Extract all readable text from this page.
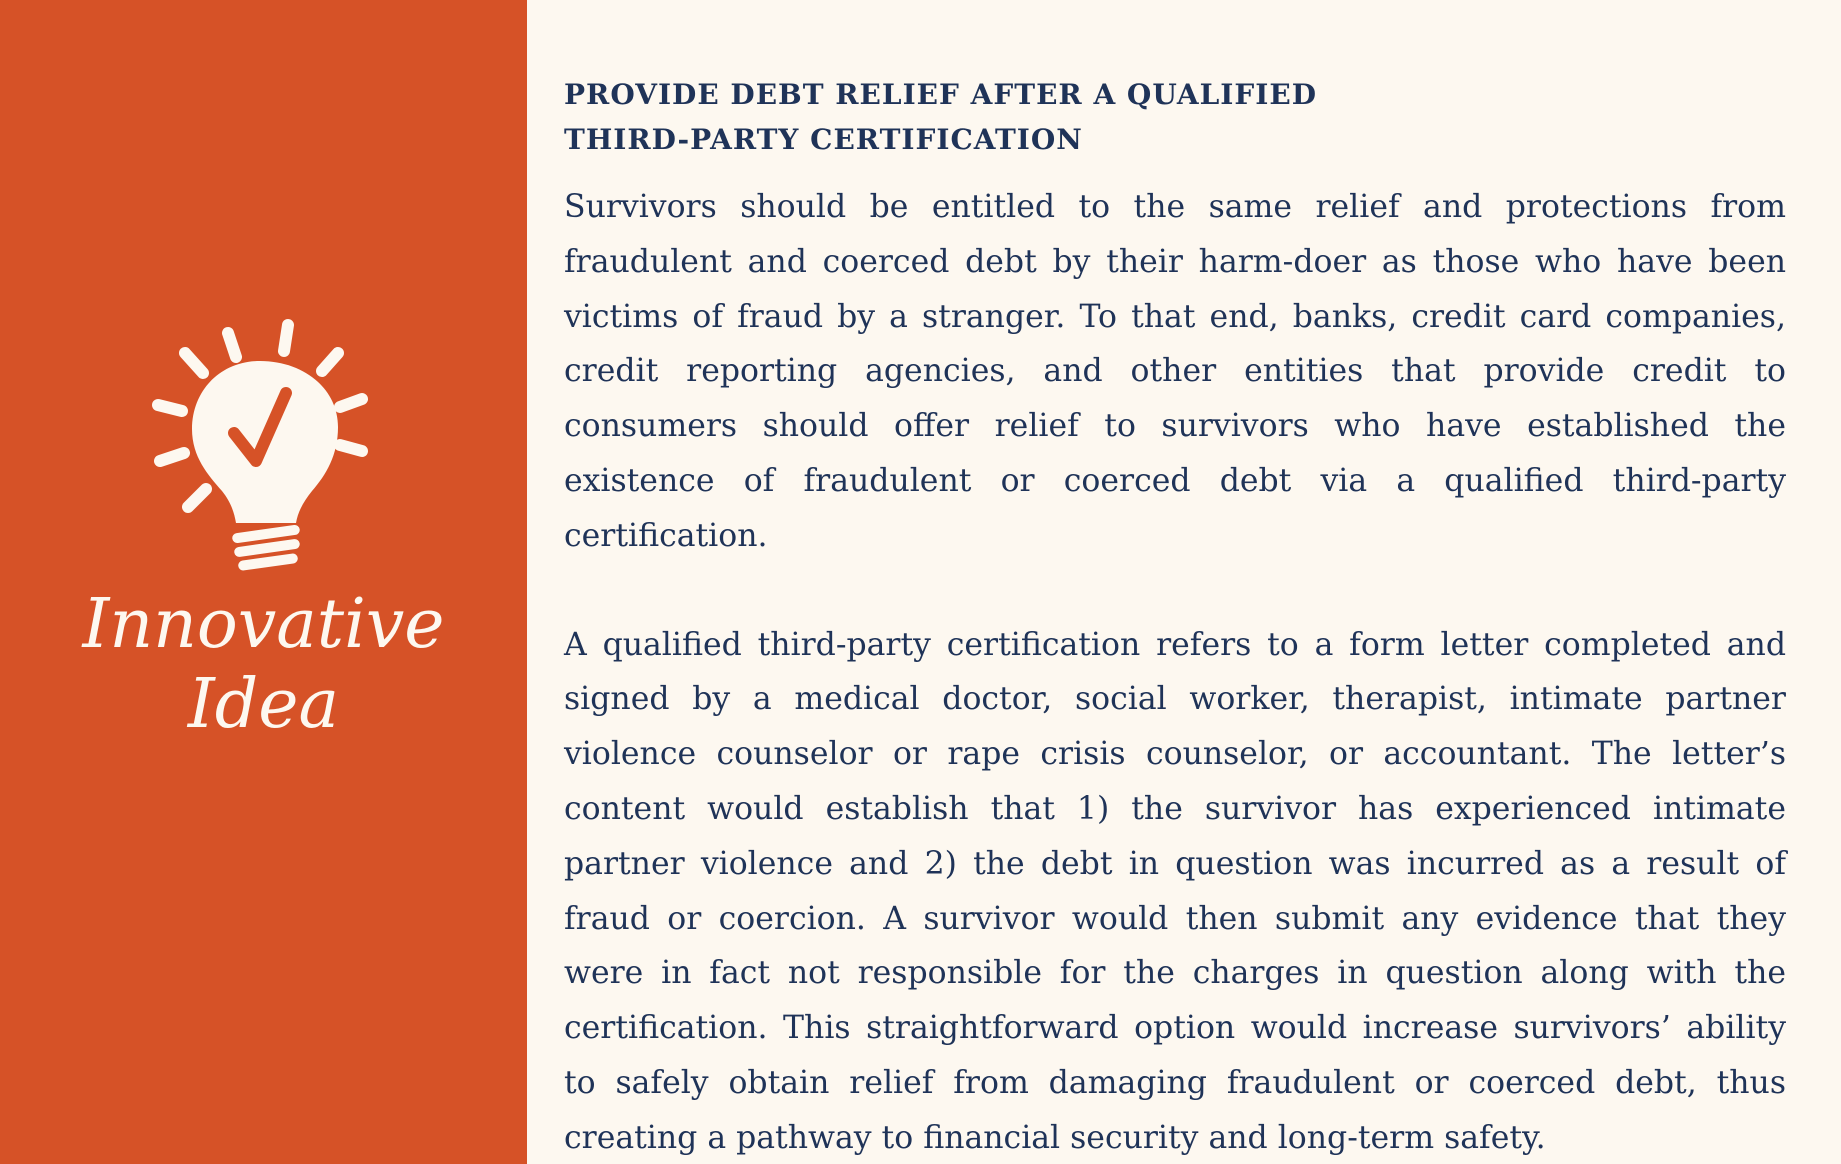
Innovative
Idea
PROVIDE DEBT RELIEF AFTER A QUALIFIED
THIRD-PARTY CERTIFICATION

Survivors should be entitled to the same relief and protections from fraudulent and coerced debt by their harm-doer as those who have been victims of fraud by a stranger. To that end, banks, credit card companies, credit reporting agencies, and other entities that provide credit to consumers should offer relief to survivors who have established the existence of fraudulent or coerced debt via a qualified third-party certification.

A qualified third-party certification refers to a form letter completed and signed by a medical doctor, social worker, therapist, intimate partner violence counselor or rape crisis counselor, or accountant. The letter’s content would establish that 1) the survivor has experienced intimate partner violence and 2) the debt in question was incurred as a result of fraud or coercion. A survivor would then submit any evidence that they were in fact not responsible for the charges in question along with the certification. This straightforward option would increase survivors’ ability to safely obtain relief from damaging fraudulent or coerced debt, thus creating a pathway to financial security and long-term safety.
